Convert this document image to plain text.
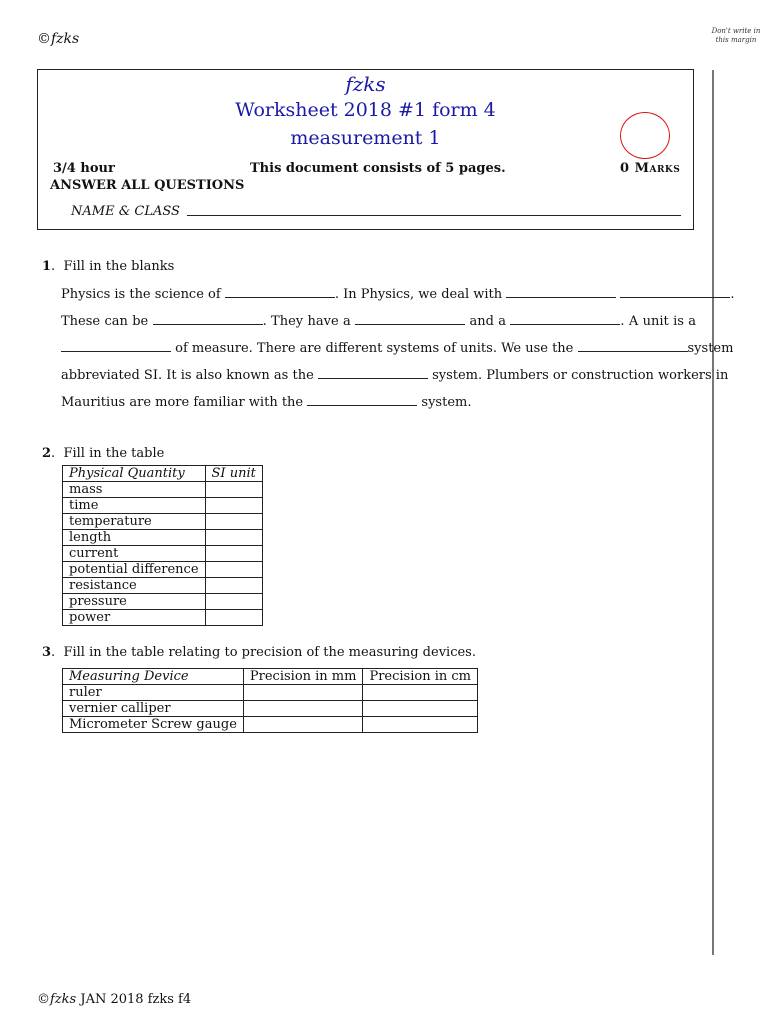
©fzks	Don't write in this margin
fzks
Worksheet 2018 #1 form 4
measurement 1
3/4 hour	This document consists of 5 pages.	0 Marks
ANSWER ALL QUESTIONS
NAME & CLASS
1.  Fill in the blanks
Physics is the science of	. In Physics, we deal with	.
These can be	. They have a	and a	. A unit is a
of measure. There are different systems of units. We use the	system
abbreviated SI. It is also known as the	system. Plumbers or construction workers in
Mauritius are more familiar with the	system.
2.  Fill in the table
Physical Quantity	SI unit
mass	
time	
temperature	
length	
current	
potential difference	
resistance	
pressure	
power	
3.  Fill in the table relating to precision of the measuring devices.
Measuring Device	Precision in mm	Precision in cm
ruler		
vernier calliper		
Micrometer Screw gauge		
©fzks JAN 2018 fzks f4
